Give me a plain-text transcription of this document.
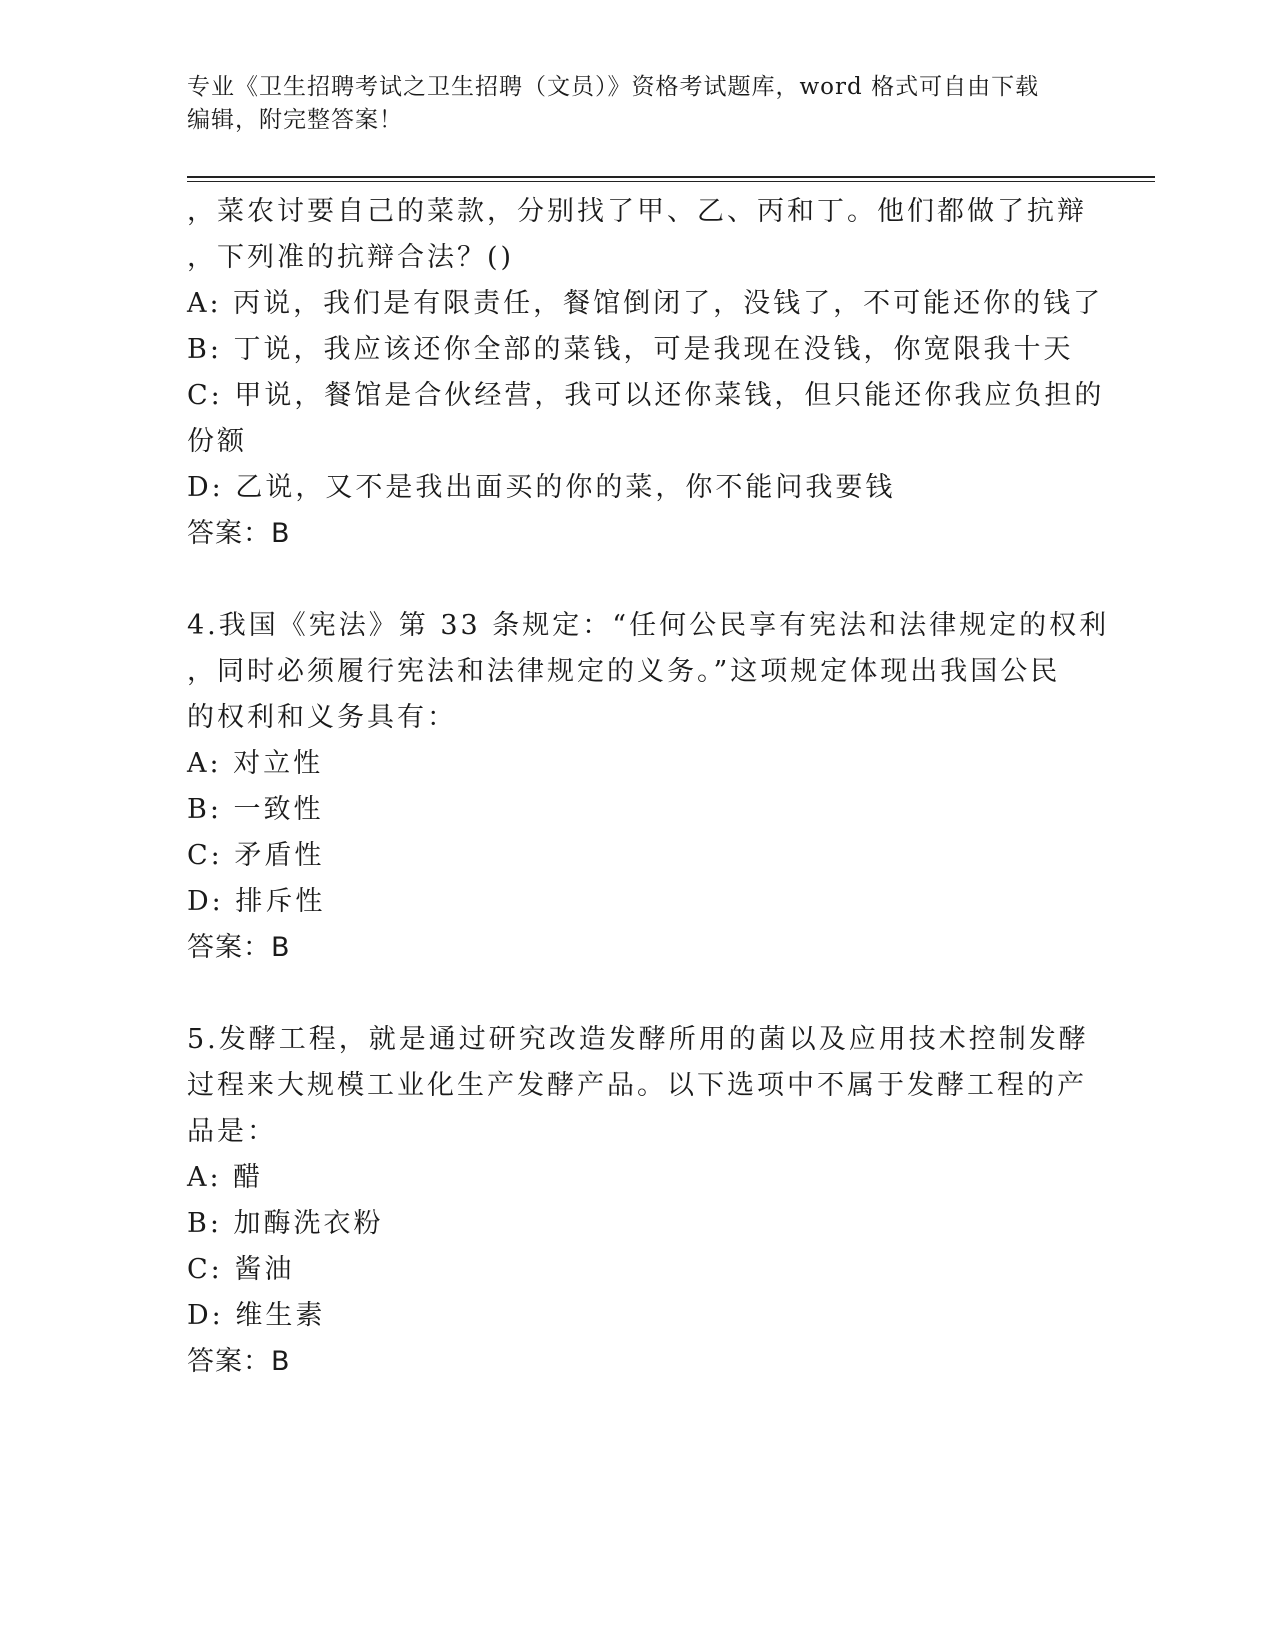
专业《卫生招聘考试之卫生招聘（文员）》资格考试题库，word 格式可自由下载
编辑，附完整答案！
，菜农讨要自己的菜款，分别找了甲、乙、丙和丁。他们都做了抗辩
，下列准的抗辩合法？()
A: 丙说，我们是有限责任，餐馆倒闭了，没钱了，不可能还你的钱了
B: 丁说，我应该还你全部的菜钱，可是我现在没钱，你宽限我十天
C: 甲说，餐馆是合伙经营，我可以还你菜钱，但只能还你我应负担的
份额
D: 乙说，又不是我出面买的你的菜，你不能问我要钱
答案：B
4.我国《宪法》第 33 条规定：“任何公民享有宪法和法律规定的权利
，同时必须履行宪法和法律规定的义务。”这项规定体现出我国公民
的权利和义务具有：
A: 对立性
B: 一致性
C: 矛盾性
D: 排斥性
答案：B
5.发酵工程，就是通过研究改造发酵所用的菌以及应用技术控制发酵
过程来大规模工业化生产发酵产品。以下选项中不属于发酵工程的产
品是：
A: 醋
B: 加酶洗衣粉
C: 酱油
D: 维生素
答案：B
